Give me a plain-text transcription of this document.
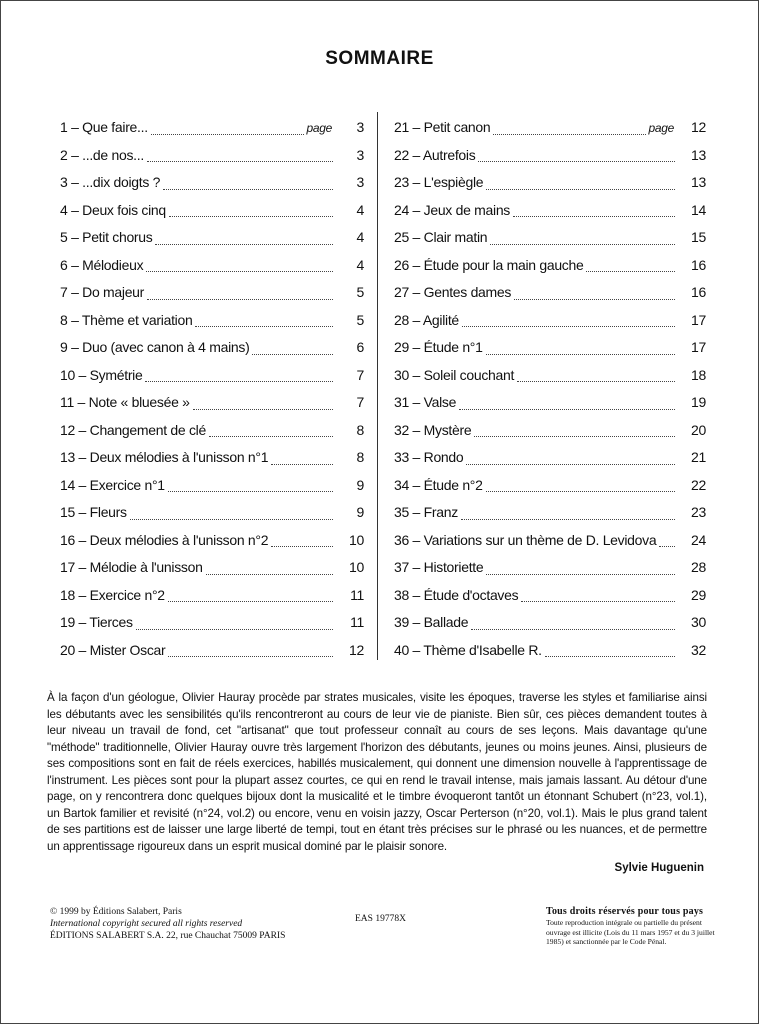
SOMMAIRE
1 – Que faire...	page	3
2 – ...de nos...	3
3 – ...dix doigts ?	3
4 – Deux fois cinq	4
5 – Petit chorus	4
6 – Mélodieux	4
7 – Do majeur	5
8 – Thème et variation	5
9 – Duo (avec canon à 4 mains)	6
10 – Symétrie	7
11 – Note « bluesée »	7
12 – Changement de clé	8
13 – Deux mélodies à l'unisson n°1	8
14 – Exercice n°1	9
15 – Fleurs	9
16 – Deux mélodies à l'unisson n°2	10
17 – Mélodie à l'unisson	10
18 – Exercice n°2	11
19 – Tierces	11
20 – Mister Oscar	12
21 – Petit canon	page	12
22 – Autrefois	13
23 – L'espiègle	13
24 – Jeux de mains	14
25 – Clair matin	15
26 – Étude pour la main gauche	16
27 – Gentes dames	16
28 – Agilité	17
29 – Étude n°1	17
30 – Soleil couchant	18
31 – Valse	19
32 – Mystère	20
33 – Rondo	21
34 – Étude n°2	22
35 – Franz	23
36 – Variations sur un thème de D. Levidova	24
37 – Historiette	28
38 – Étude d'octaves	29
39 – Ballade	30
40 – Thème d'Isabelle R.	32
À la façon d'un géologue, Olivier Hauray procède par strates musicales, visite les époques, traverse les styles et familiarise ainsi les débutants avec les sensibilités qu'ils rencontreront au cours de leur vie de pianiste. Bien sûr, ces pièces demandent toutes à leur niveau un travail de fond, cet "artisanat" que tout professeur connaît au cours de ses leçons. Mais davantage qu'une "méthode" traditionnelle, Olivier Hauray ouvre très largement l'horizon des débutants, jeunes ou moins jeunes. Ainsi, plusieurs de ses compositions sont en fait de réels exercices, habillés musicalement, qui donnent une dimension nouvelle à l'apprentissage de l'instrument. Les pièces sont pour la plupart assez courtes, ce qui en rend le travail intense, mais jamais lassant. Au détour d'une page, on y rencontrera donc quelques bijoux dont la musicalité et le timbre évoqueront tantôt un étonnant Schubert (n°23, vol.1), un Bartok familier et revisité (n°24, vol.2) ou encore, venu en voisin jazzy, Oscar Perterson (n°20, vol.1). Mais le plus grand talent de ses partitions est de laisser une large liberté de tempi, tout en étant très précises sur le phrasé ou les nuances, et de permettre un apprentissage rigoureux dans un esprit musical dominé par le plaisir sonore.
Sylvie Huguenin
© 1999 by Éditions Salabert, Paris
International copyright secured all rights reserved
ÉDITIONS SALABERT S.A. 22, rue Chauchat 75009 PARIS
EAS 19778X
Tous droits réservés pour tous pays
Toute reproduction intégrale ou partielle du présent ouvrage est illicite (Lois du 11 mars 1957 et du 3 juillet 1985) et sanctionnée par le Code Pénal.
